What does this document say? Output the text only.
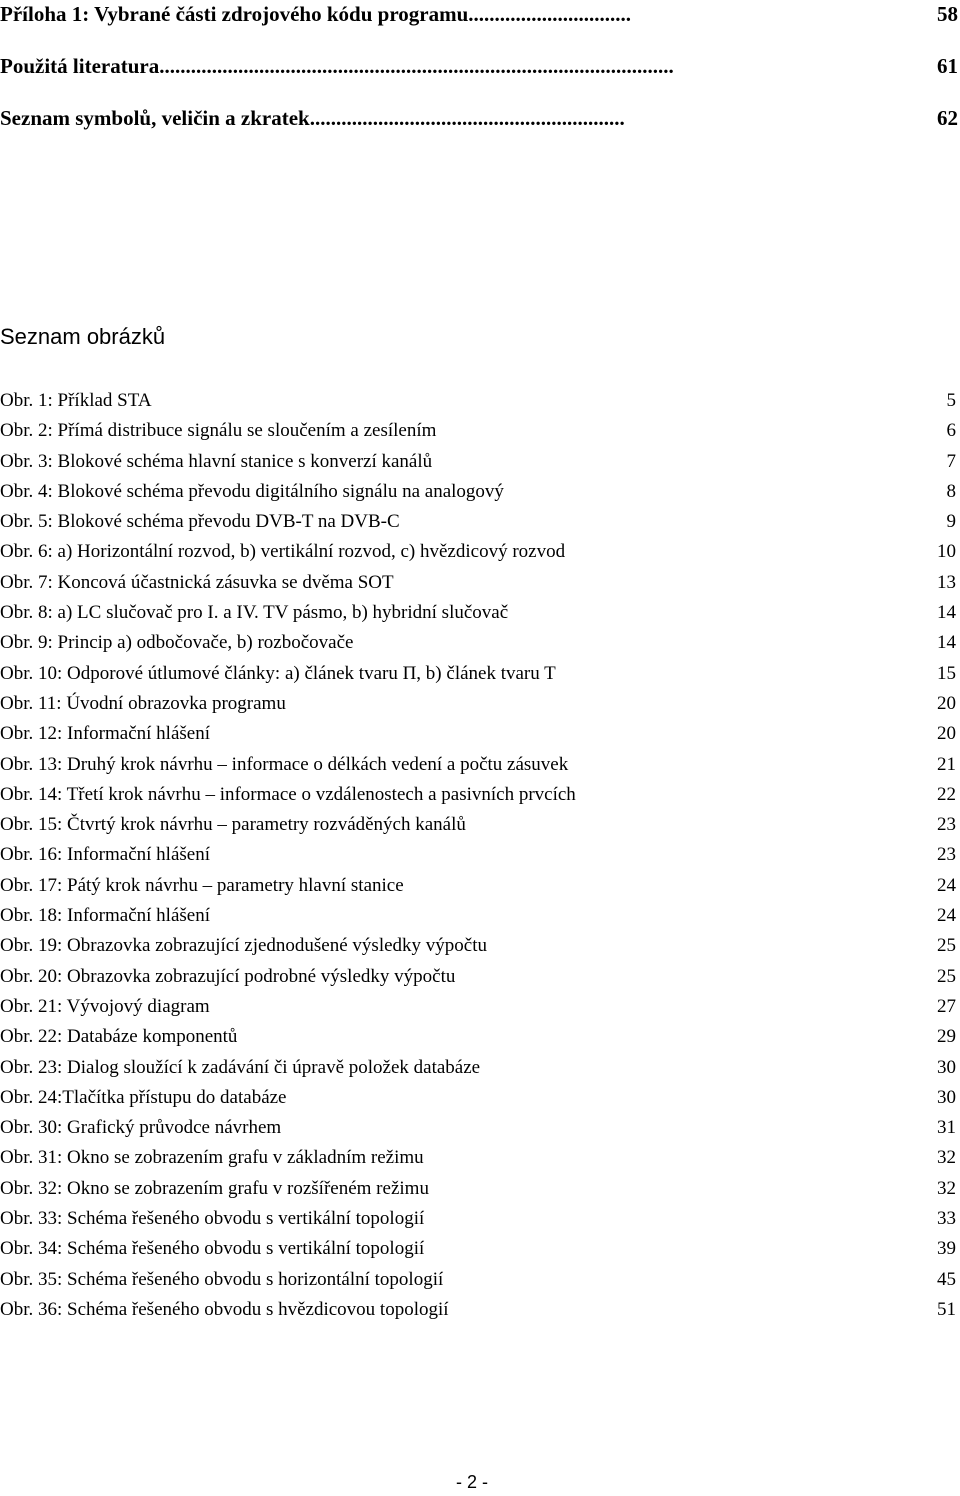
Příloha 1: Vybrané části zdrojového kódu programu...............................	58
Použitá literatura..................................................................................................	61
Seznam symbolů, veličin a zkratek............................................................	62
Seznam obrázků
Obr. 1: Příklad STA	5
Obr. 2: Přímá distribuce signálu se sloučením a zesílením	6
Obr. 3: Blokové schéma hlavní stanice s konverzí kanálů	7
Obr. 4: Blokové schéma převodu digitálního signálu na analogový	8
Obr. 5: Blokové schéma převodu DVB-T na DVB-C	9
Obr. 6: a) Horizontální rozvod, b) vertikální rozvod, c) hvězdicový rozvod	10
Obr. 7: Koncová účastnická zásuvka se dvěma SOT	13
Obr. 8: a) LC slučovač pro I. a IV. TV pásmo, b) hybridní slučovač	14
Obr. 9: Princip a) odbočovače, b) rozbočovače	14
Obr. 10: Odporové útlumové články: a) článek tvaru Π, b) článek tvaru T	15
Obr. 11: Úvodní obrazovka programu	20
Obr. 12: Informační hlášení	20
Obr. 13: Druhý krok návrhu – informace o délkách vedení a počtu zásuvek	21
Obr. 14: Třetí krok návrhu – informace o vzdálenostech a pasivních prvcích	22
Obr. 15: Čtvrtý krok návrhu – parametry rozváděných kanálů	23
Obr. 16: Informační hlášení	23
Obr. 17: Pátý krok návrhu – parametry hlavní stanice	24
Obr. 18: Informační hlášení	24
Obr. 19: Obrazovka zobrazující zjednodušené výsledky výpočtu	25
Obr. 20: Obrazovka zobrazující podrobné výsledky výpočtu	25
Obr. 21: Vývojový diagram	27
Obr. 22: Databáze komponentů	29
Obr. 23: Dialog sloužící k zadávání či úpravě položek databáze	30
Obr. 24:Tlačítka přístupu do databáze	30
Obr. 30: Grafický průvodce návrhem	31
Obr. 31: Okno se zobrazením grafu v základním režimu	32
Obr. 32: Okno se zobrazením grafu v rozšířeném režimu	32
Obr. 33: Schéma řešeného obvodu s vertikální topologií	33
Obr. 34: Schéma řešeného obvodu s vertikální topologií	39
Obr. 35: Schéma řešeného obvodu s horizontální topologií	45
Obr. 36: Schéma řešeného obvodu s hvězdicovou topologií	51
- 2 -
